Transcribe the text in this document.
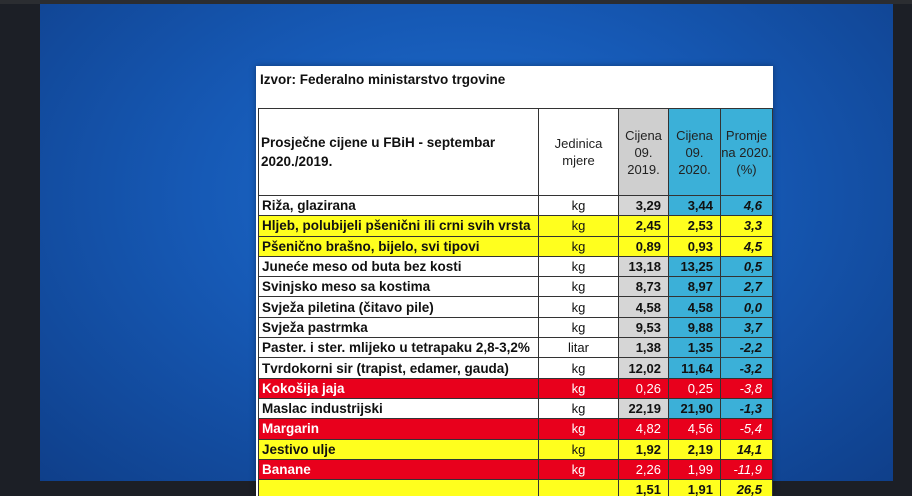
Izvor: Federalno ministarstvo trgovine
Prosječne cijene u FBiH - septembar 2020./2019.	Jedinica mjere	Cijena 09. 2019.	Cijena 09. 2020.	Promje na 2020. (%)
Riža, glazirana	kg	3,29	3,44	4,6
Hljeb, polubijeli pšenični ili crni svih vrsta	kg	2,45	2,53	3,3
Pšenično brašno, bijelo, svi tipovi	kg	0,89	0,93	4,5
Juneće meso od buta bez kosti	kg	13,18	13,25	0,5
Svinjsko meso sa kostima	kg	8,73	8,97	2,7
Svježa piletina (čitavo pile)	kg	4,58	4,58	0,0
Svježa pastrmka	kg	9,53	9,88	3,7
Paster. i ster. mlijeko u tetrapaku 2,8-3,2%	litar	1,38	1,35	-2,2
Tvrdokorni sir (trapist, edamer, gauda)	kg	12,02	11,64	-3,2
Kokošija jaja	kg	0,26	0,25	-3,8
Maslac industrijski	kg	22,19	21,90	-1,3
Margarin	kg	4,82	4,56	-5,4
Jestivo ulje	kg	1,92	2,19	14,1
Banane	kg	2,26	1,99	-11,9
		1,51	1,91	26,5
